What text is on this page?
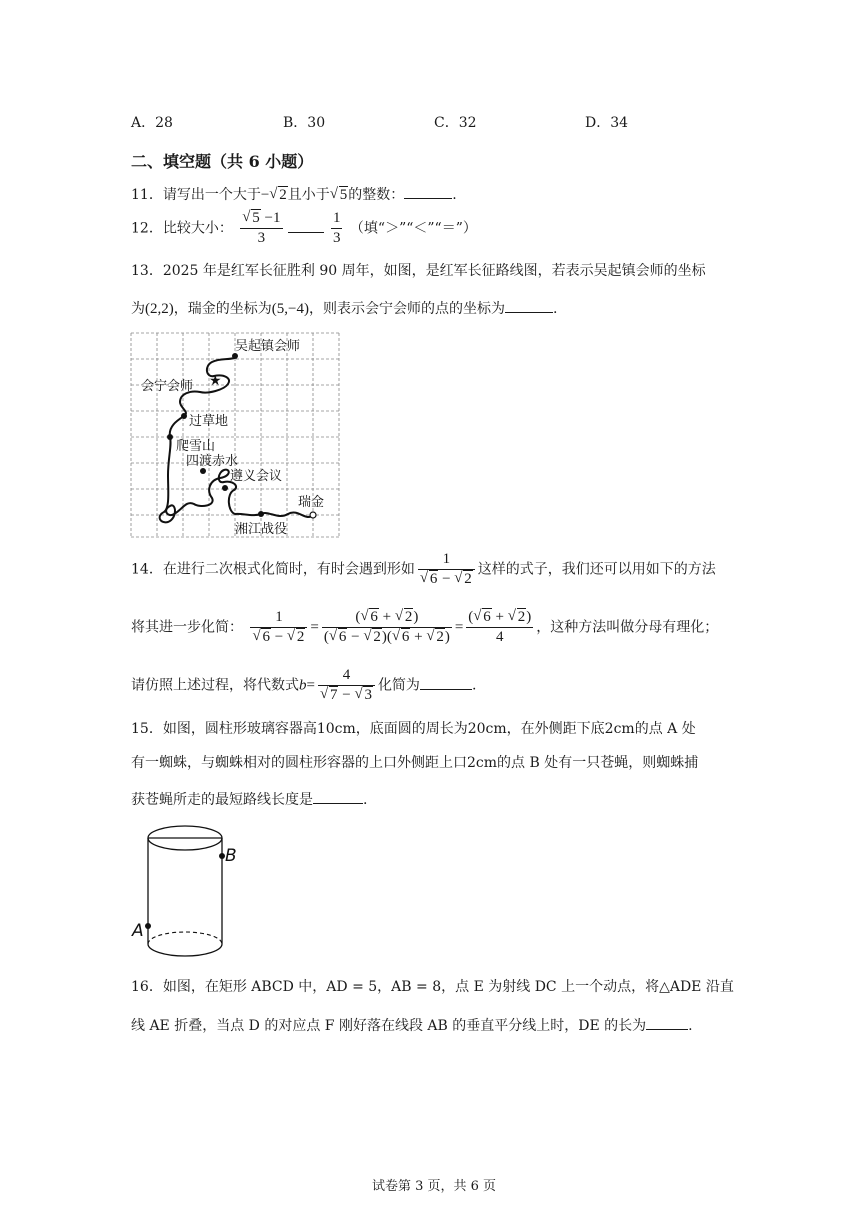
A．28	B．30	C．32	D．34
二、填空题（共 6 小题）
11．请写出一个大于− √ 2且小于 √ 5的整数：	.
12．比较大小： √ $\frac{5 -1}{3}$
	$\frac{1}{3}$ （填“＞”“＜”“＝”）
13．2025 年是红军长征胜利 90 周年，如图，是红军长征路线图，若表示吴起镇会师的坐标
为(2,2)，瑞金的坐标为(5,−4)，则表示会宁会师的点的坐标为	.
★
吴起镇会师
会宁会师
过草地
爬雪山
四渡赤水
遵义会议
瑞金
湘江战役
14．在进行二次根式化简时，有时会遇到形如 1
√ 6 − √ 2 这样的式子，我们还可以用如下的方法
将其进一步化简： 1
√ 6 − √ $2 = \frac{( √ 6 + √ 2)}{( √ 6 - √ 2)( √ 6 + √ 2)} = \frac{( √ 6 + √ 2)}{4}$ ，这种方法叫做分母有理化；
请仿照上述过程，将代数式b= 4
√ 7 − √ 3 化简为	.
15．如图，圆柱形玻璃容器高10cm，底面圆的周长为20cm，在外侧距下底2cm的点 A 处
有一蜘蛛，与蜘蛛相对的圆柱形容器的上口外侧距上口2cm的点 B 处有一只苍蝇，则蜘蛛捕
获苍蝇所走的最短路线长度是	.
B
A
16．如图，在矩形 ABCD 中，AD = 5，AB = 8，点 E 为射线 DC 上一个动点，将△ADE 沿直
线 AE 折叠，当点 D 的对应点 F 刚好落在线段 AB 的垂直平分线上时，DE 的长为	.
试卷第 3 页，共 6 页
